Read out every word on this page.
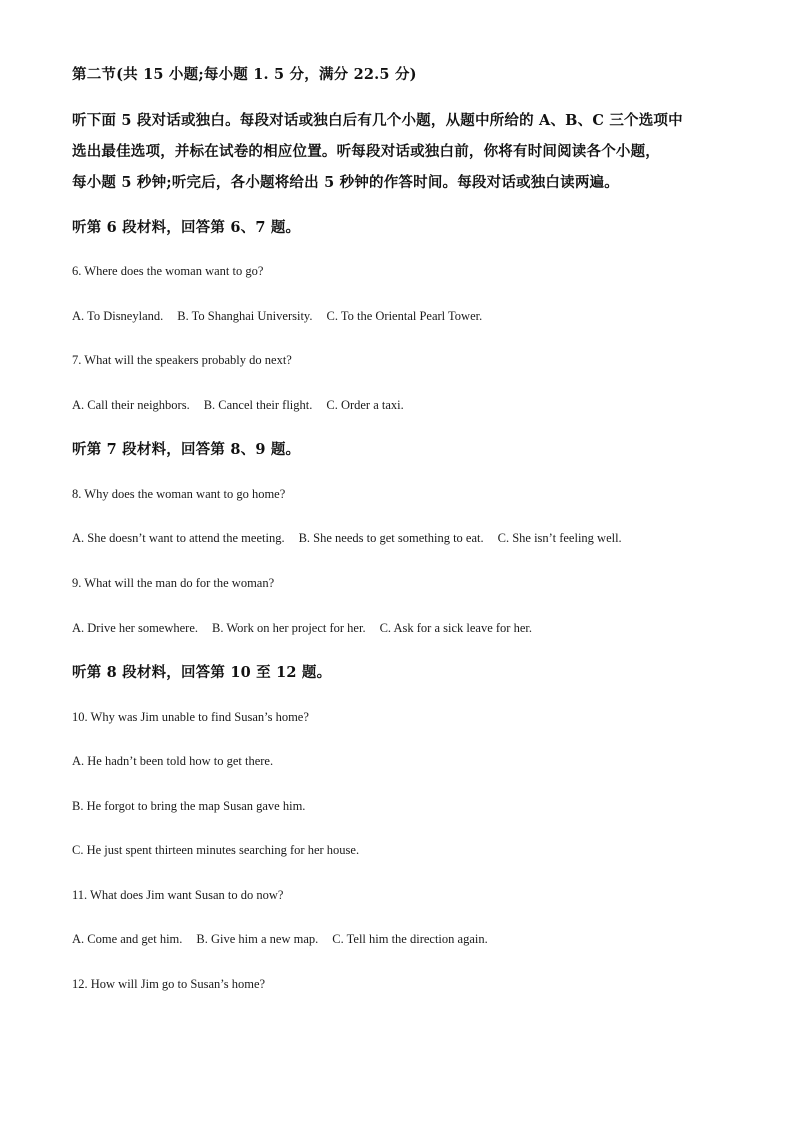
第二节(共 15 小题;每小题 1. 5 分，满分 22.5 分)
听下面 5 段对话或独白。每段对话或独白后有几个小题，从题中所给的 A、B、C 三个选项中
选出最佳选项，并标在试卷的相应位置。听每段对话或独白前，你将有时间阅读各个小题，
每小题 5 秒钟;听完后，各小题将给出 5 秒钟的作答时间。每段对话或独白读两遍。
听第 6 段材料，回答第 6、7 题。
6. Where does the woman want to go?
A. To Disneyland. B. To Shanghai University. C. To the Oriental Pearl Tower.
7. What will the speakers probably do next?
A. Call their neighbors. B. Cancel their flight. C. Order a taxi.
听第 7 段材料，回答第 8、9 题。
8. Why does the woman want to go home?
A. She doesn’t want to attend the meeting. B. She needs to get something to eat. C. She isn’t feeling well.
9. What will the man do for the woman?
A. Drive her somewhere. B. Work on her project for her. C. Ask for a sick leave for her.
听第 8 段材料，回答第 10 至 12 题。
10. Why was Jim unable to find Susan’s home?
A. He hadn’t been told how to get there.
B. He forgot to bring the map Susan gave him.
C. He just spent thirteen minutes searching for her house.
11. What does Jim want Susan to do now?
A. Come and get him. B. Give him a new map. C. Tell him the direction again.
12. How will Jim go to Susan’s home?
